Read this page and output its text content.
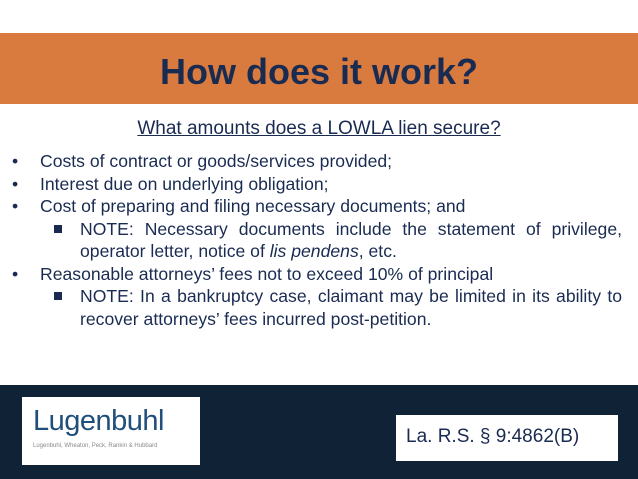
How does it work?
What amounts does a LOWLA lien secure?
•	Costs of contract or goods/services provided;
•	Interest due on underlying obligation;
•	Cost of preparing and filing necessary documents; and
NOTE: Necessary documents include the statement of privilege, operator letter, notice of lis pendens, etc.
•	Reasonable attorneys’ fees not to exceed 10% of principal
NOTE: In a bankruptcy case, claimant may be limited in its ability to recover attorneys’ fees incurred post-petition.
Lugenbuhl
Lugenbuhl, Wheaton, Peck, Rankin & Hubbard	La. R.S. § 9:4862(B)
